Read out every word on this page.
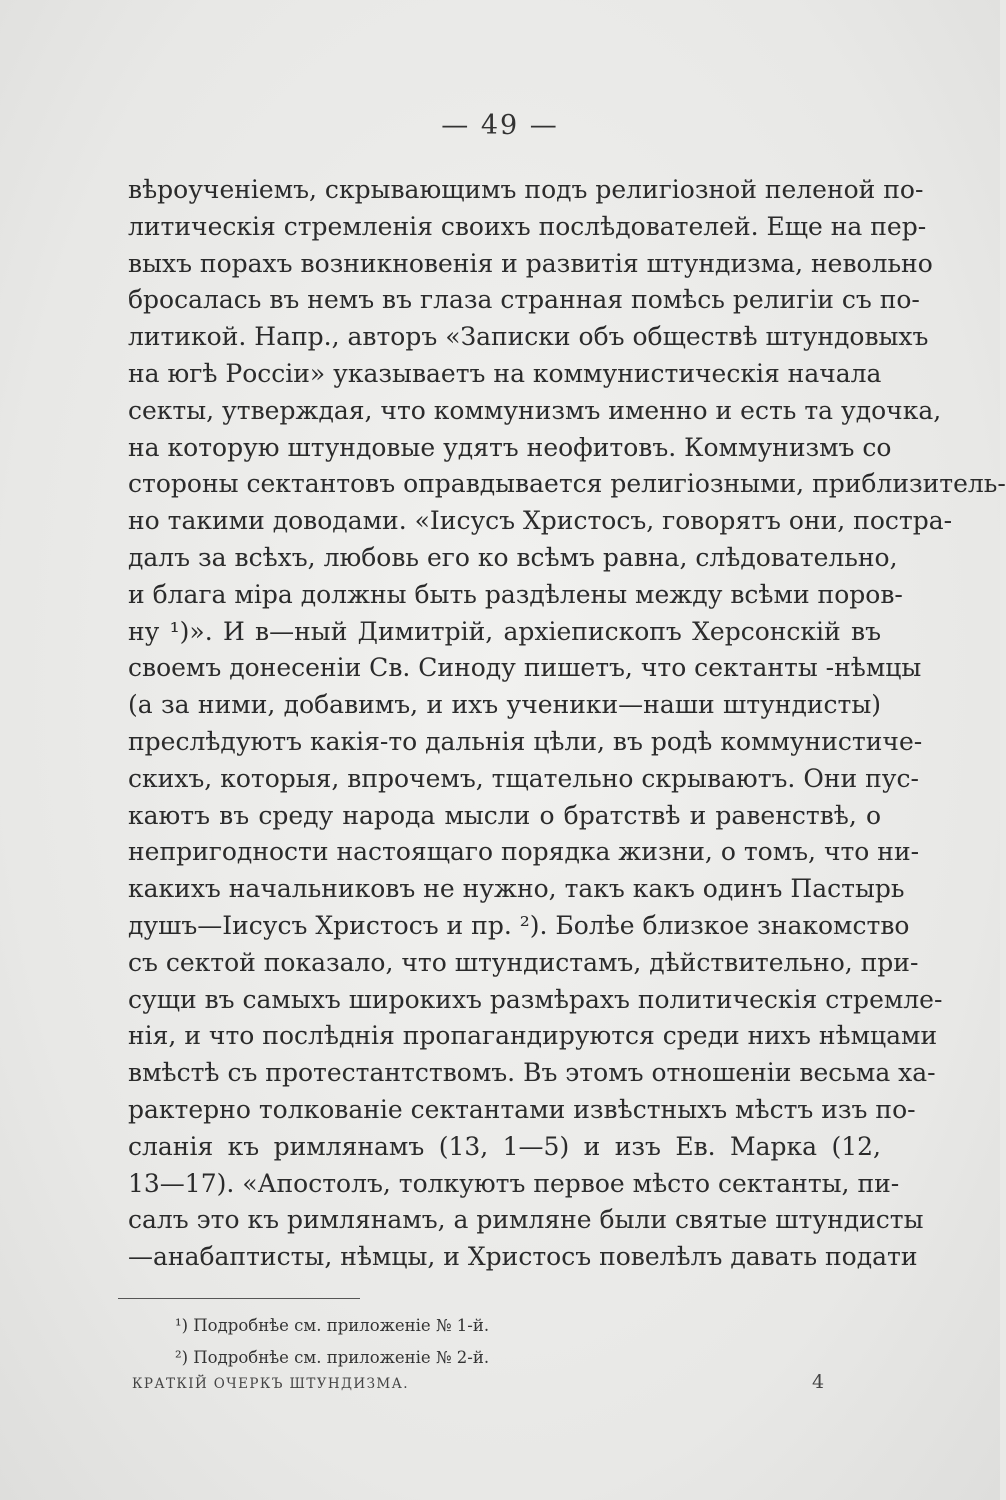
— 49 —
вѣроученіемъ, скрывающимъ подъ религіозной пеленой по-
литическія стремленія своихъ послѣдователей. Еще на пер-
выхъ порахъ возникновенія и развитія штундизма, невольно
бросалась въ немъ въ глаза странная помѣсь религіи съ по-
литикой. Напр., авторъ «Записки объ обществѣ штундовыхъ
на югѣ Россіи» указываетъ на коммунистическія начала
секты, утверждая, что коммунизмъ именно и есть та удочка,
на которую штундовые удятъ неофитовъ. Коммунизмъ со
стороны сектантовъ оправдывается религіозными, приблизитель-
но такими доводами. «Іисусъ Христосъ, говорятъ они, постра-
далъ за всѣхъ, любовь его ко всѣмъ равна, слѣдовательно,
и блага міра должны быть раздѣлены между всѣми поров-
ну ¹)». И в—ный Димитрій, архіепископъ Херсонскій въ
своемъ донесеніи Св. Синоду пишетъ, что сектанты -нѣмцы
(а за ними, добавимъ, и ихъ ученики—наши штундисты)
преслѣдуютъ какія-то дальнія цѣли, въ родѣ коммунистиче-
скихъ, которыя, впрочемъ, тщательно скрываютъ. Они пус-
каютъ въ среду народа мысли о братствѣ и равенствѣ, о
непригодности настоящаго порядка жизни, о томъ, что ни-
какихъ начальниковъ не нужно, такъ какъ одинъ Пастырь
душъ—Іисусъ Христосъ и пр. ²). Болѣе близкое знакомство
съ сектой показало, что штундистамъ, дѣйствительно, при-
сущи въ самыхъ широкихъ размѣрахъ политическія стремле-
нія, и что послѣднія пропагандируются среди нихъ нѣмцами
вмѣстѣ съ протестантствомъ. Въ этомъ отношеніи весьма ха-
рактерно толкованіе сектантами извѣстныхъ мѣстъ изъ по-
сланія къ римлянамъ (13, 1—5) и изъ Ев. Марка (12,
13—17). «Апостолъ, толкуютъ первое мѣсто сектанты, пи-
салъ это къ римлянамъ, а римляне были святые штундисты
—анабаптисты, нѣмцы, и Христосъ повелѣлъ давать подати
¹) Подробнѣе см. приложеніе № 1-й.
²) Подробнѣе см. приложеніе № 2-й.
КРАТКІЙ ОЧЕРКЪ ШТУНДИЗМА.	4
